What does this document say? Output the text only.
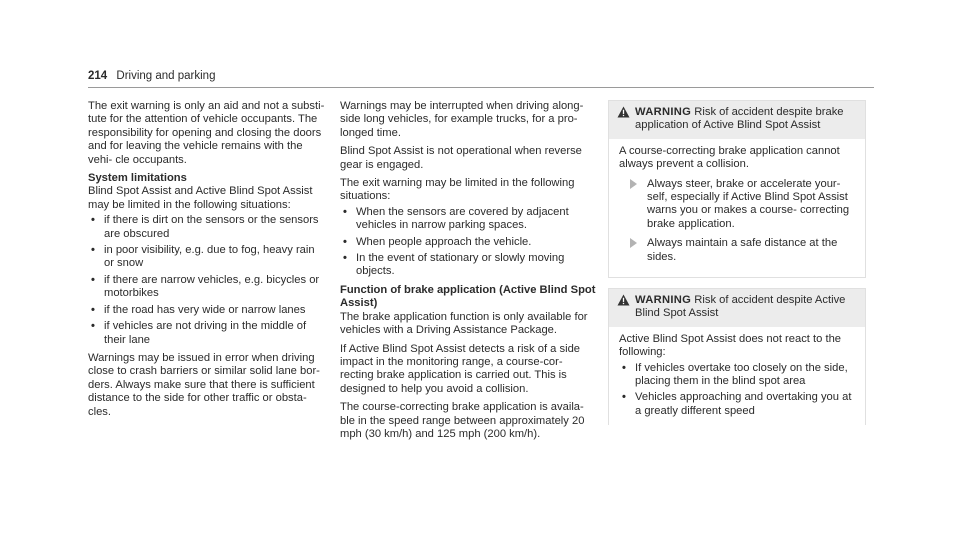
214 Driving and parking

The exit warning is only an aid and not a substi- tute for the attention of vehicle occupants. The responsibility for opening and closing the doors and for leaving the vehicle remains with the vehi- cle occupants.

System limitations

Blind Spot Assist and Active Blind Spot Assist may be limited in the following situations:

• if there is dirt on the sensors or the sensors are obscured
• in poor visibility, e.g. due to fog, heavy rain or snow
• if there are narrow vehicles, e.g. bicycles or motorbikes
• if the road has very wide or narrow lanes
• if vehicles are not driving in the middle of their lane

Warnings may be issued in error when driving close to crash barriers or similar solid lane bor- ders. Always make sure that there is sufficient distance to the side for other traffic or obsta- cles.

Warnings may be interrupted when driving along- side long vehicles, for example trucks, for a pro- longed time.

Blind Spot Assist is not operational when reverse gear is engaged.

The exit warning may be limited in the following situations:

• When the sensors are covered by adjacent vehicles in narrow parking spaces.
• When people approach the vehicle.
• In the event of stationary or slowly moving objects.
Function of brake application (Active Blind Spot Assist)

The brake application function is only available for vehicles with a Driving Assistance Package.

If Active Blind Spot Assist detects a risk of a side impact in the monitoring range, a course-cor- recting brake application is carried out. This is designed to help you avoid a collision.

The course-correcting brake application is availa- ble in the speed range between approximately 20 mph (30 km/h) and 125 mph (200 km/h).

WARNING Risk of accident despite brake application of Active Blind Spot Assist

A course-correcting brake application cannot always prevent a collision.

Always steer, brake or accelerate your- self, especially if Active Blind Spot Assist warns you or makes a course- correcting brake application.
Always maintain a safe distance at the sides.
WARNING Risk of accident despite Active Blind Spot Assist

Active Blind Spot Assist does not react to the following:

• If vehicles overtake too closely on the side, placing them in the blind spot area
• Vehicles approaching and overtaking you at a greatly different speed
